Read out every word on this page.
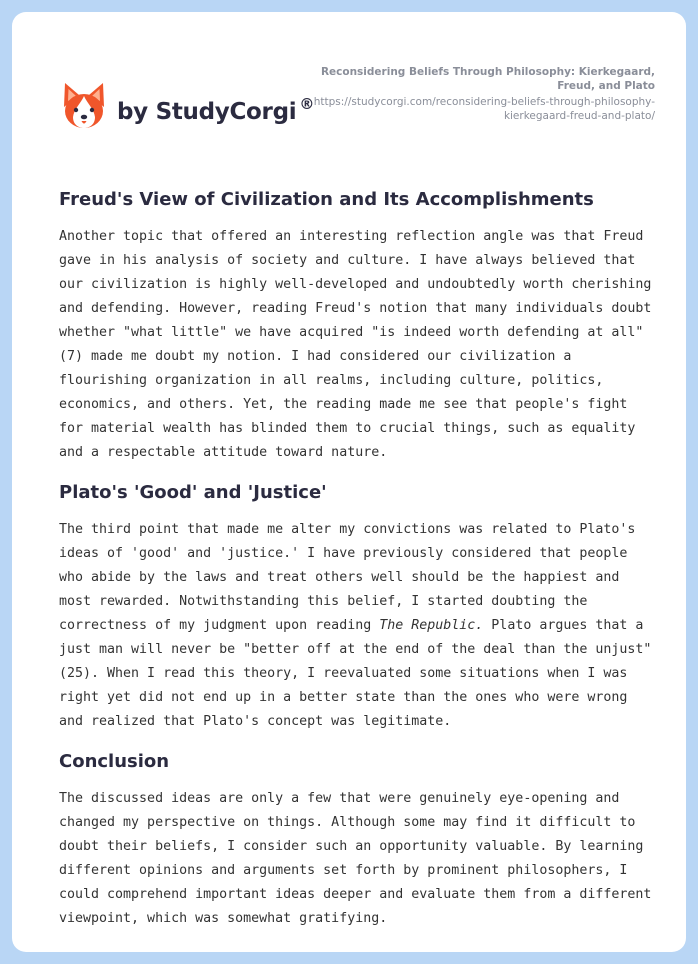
by StudyCorgi ®
Reconsidering Beliefs Through Philosophy: Kierkegaard, Freud, and Plato
https://studycorgi.com/reconsidering-beliefs-through-philosophy-kierkegaard-freud-and-plato/
Freud's View of Civilization and Its Accomplishments

Another topic that offered an interesting reflection angle was that Freud gave in his analysis of society and culture. I have always believed that our civilization is highly well-developed and undoubtedly worth cherishing and defending. However, reading Freud's notion that many individuals doubt whether "what little" we have acquired "is indeed worth defending at all" (7) made me doubt my notion. I had considered our civilization a flourishing organization in all realms, including culture, politics, economics, and others. Yet, the reading made me see that people's fight for material wealth has blinded them to crucial things, such as equality and a respectable attitude toward nature.

Plato's 'Good' and 'Justice'

The third point that made me alter my convictions was related to Plato's ideas of 'good' and 'justice.' I have previously considered that people who abide by the laws and treat others well should be the happiest and most rewarded. Notwithstanding this belief, I started doubting the correctness of my judgment upon reading The Republic. Plato argues that a just man will never be "better off at the end of the deal than the unjust" (25). When I read this theory, I reevaluated some situations when I was right yet did not end up in a better state than the ones who were wrong and realized that Plato's concept was legitimate.

Conclusion

The discussed ideas are only a few that were genuinely eye-opening and changed my perspective on things. Although some may find it difficult to doubt their beliefs, I consider such an opportunity valuable. By learning different opinions and arguments set forth by prominent philosophers, I could comprehend important ideas deeper and evaluate them from a different viewpoint, which was somewhat gratifying.
